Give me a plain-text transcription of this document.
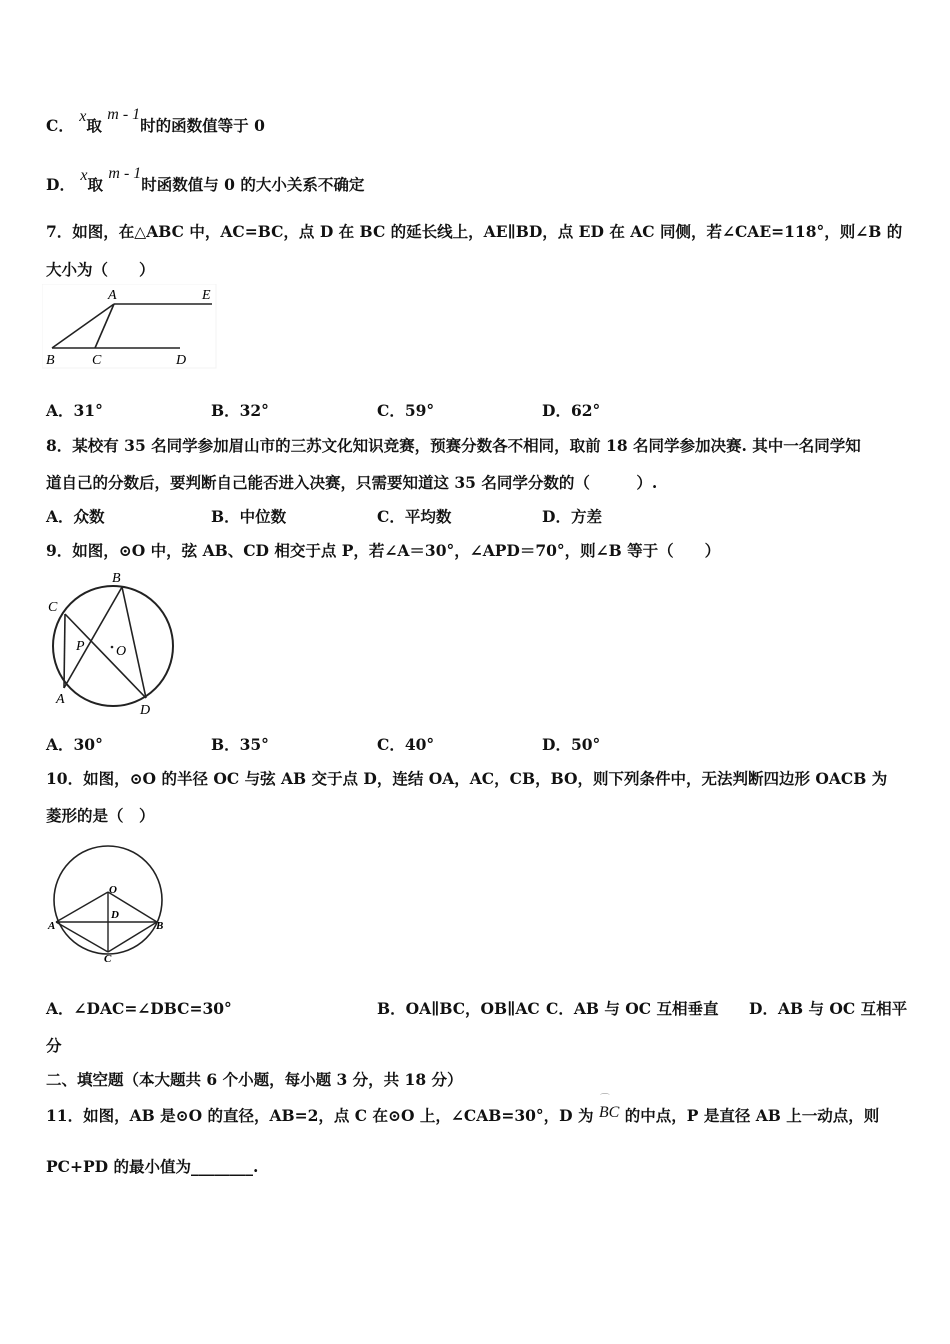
C． x取 m - 1时的函数值等于 0
D． x取 m - 1时函数值与 0 的大小关系不确定
7．如图，在△ABC 中，AC=BC，点 D 在 BC 的延长线上，AE∥BD，点 ED 在 AC 同侧，若∠CAE=118°，则∠B 的
大小为（　　）
A	E
B	C	D
A．31°	B．32°	C．59°	D．62°
8．某校有 35 名同学参加眉山市的三苏文化知识竞赛，预赛分数各不相同，取前 18 名同学参加决赛. 其中一名同学知
道自己的分数后，要判断自己能否进入决赛，只需要知道这 35 名同学分数的（　　　）.
A．众数	B．中位数	C．平均数	D．方差
9．如图，⊙O 中，弦 AB、CD 相交于点 P，若∠A＝30°，∠APD＝70°，则∠B 等于（　　）
B
C
P O
A
D
A．30°	B．35°	C．40°	D．50°
10．如图，⊙O 的半径 OC 与弦 AB 交于点 D，连结 OA，AC，CB，BO，则下列条件中，无法判断四边形 OACB 为
菱形的是（　）
O
D
A	B
C
A．∠DAC=∠DBC=30°	B．OA∥BC，OB∥AC C．AB 与 OC 互相垂直 D．AB 与 OC 互相平
分
二、填空题（本大题共 6 个小题，每小题 3 分，共 18 分）
11．如图，AB 是⊙O 的直径，AB=2，点 C 在⊙O 上，∠CAB=30°，D 为
⌒
BC 的中点，P 是直径 AB 上一动点，则
PC+PD 的最小值为________.
